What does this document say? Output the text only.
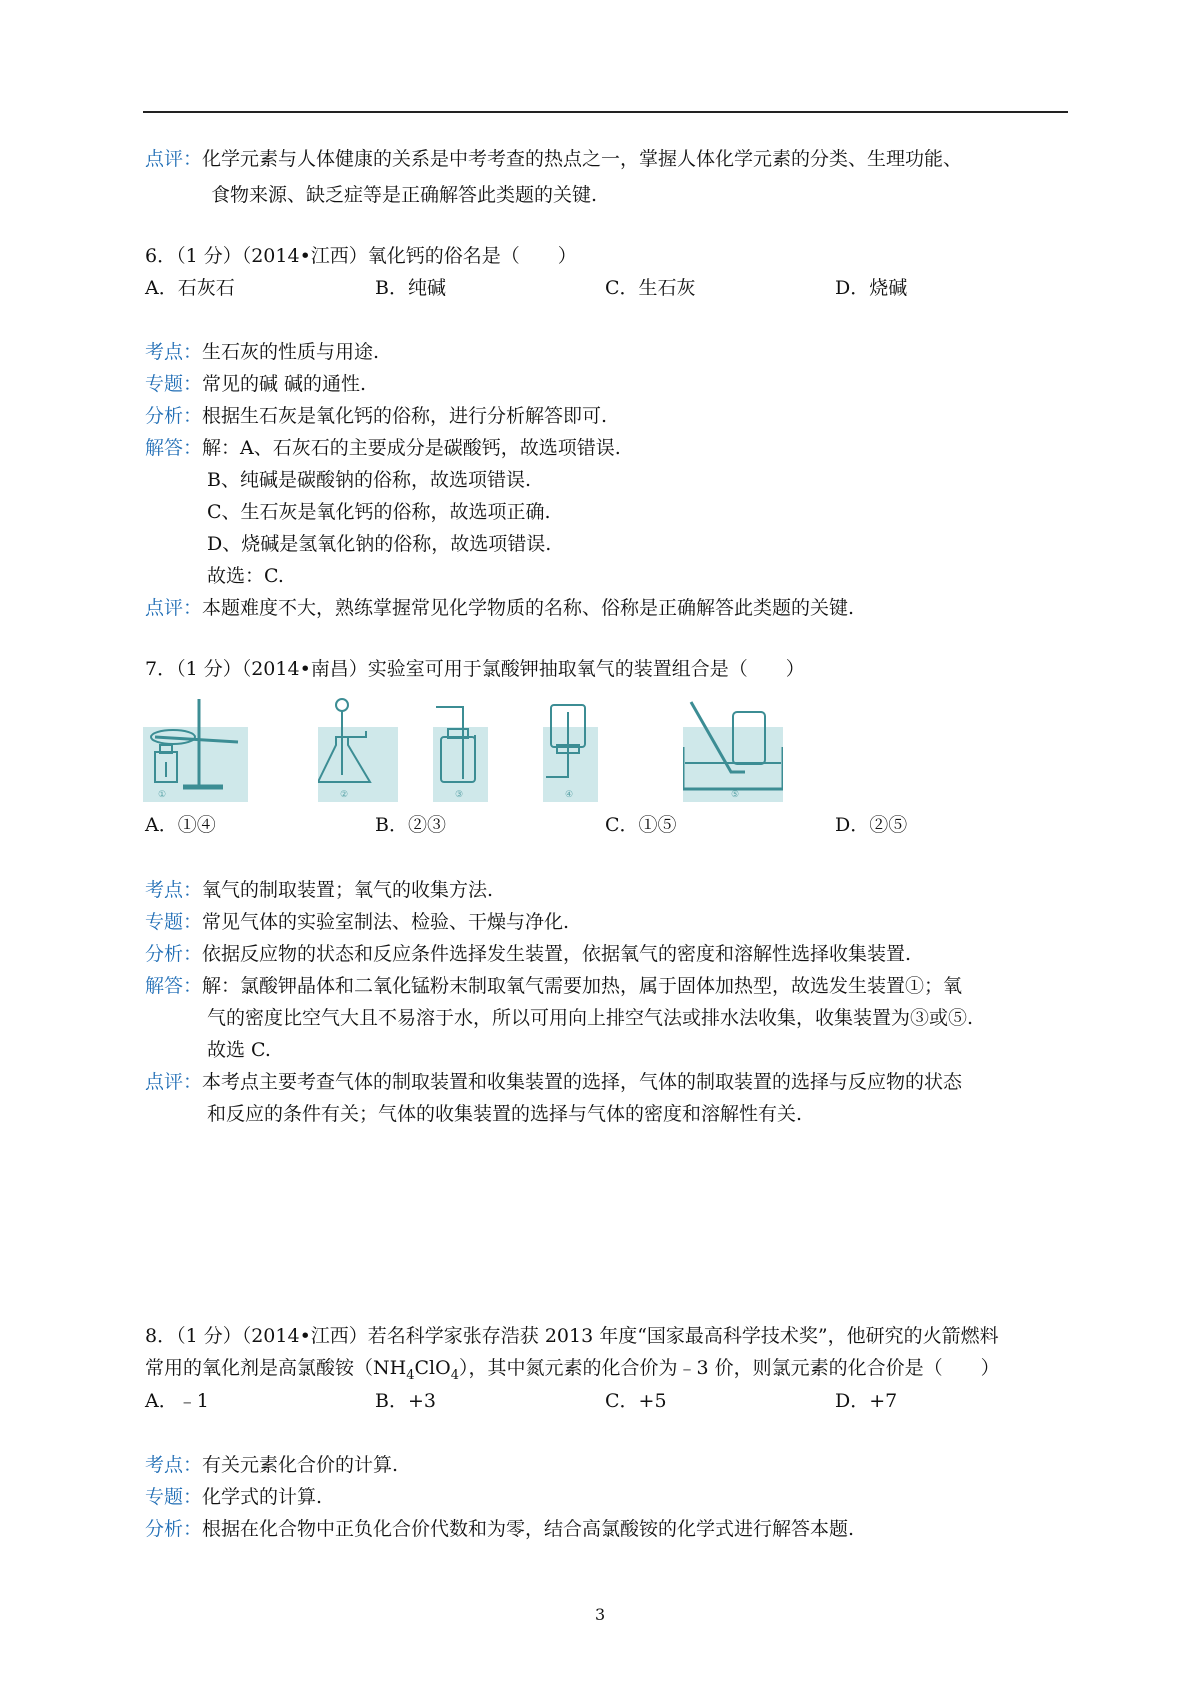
点评：化学元素与人体健康的关系是中考考查的热点之一，掌握人体化学元素的分类、生理功能、
食物来源、缺乏症等是正确解答此类题的关键.
6．（1 分）（2014•江西）氧化钙的俗名是（　　）
A．石灰石	B．纯碱	C．生石灰	D．烧碱
考点：生石灰的性质与用途.
专题：常见的碱 碱的通性.
分析：根据生石灰是氧化钙的俗称，进行分析解答即可.
解答：解：A、石灰石的主要成分是碳酸钙，故选项错误.
B、纯碱是碳酸钠的俗称，故选项错误.
C、生石灰是氧化钙的俗称，故选项正确.
D、烧碱是氢氧化钠的俗称，故选项错误.
故选：C.
点评：本题难度不大，熟练掌握常见化学物质的名称、俗称是正确解答此类题的关键.
7．（1 分）（2014•南昌）实验室可用于氯酸钾抽取氧气的装置组合是（　　）
①	②	③	④	⑤
A．①④	B．②③	C．①⑤	D．②⑤
考点：氧气的制取装置；氧气的收集方法.
专题：常见气体的实验室制法、检验、干燥与净化.
分析：依据反应物的状态和反应条件选择发生装置，依据氧气的密度和溶解性选择收集装置.
解答：解：氯酸钾晶体和二氧化锰粉末制取氧气需要加热，属于固体加热型，故选发生装置①；氧
气的密度比空气大且不易溶于水，所以可用向上排空气法或排水法收集，收集装置为③或⑤.
故选 C.
点评：本考点主要考查气体的制取装置和收集装置的选择，气体的制取装置的选择与反应物的状态
和反应的条件有关；气体的收集装置的选择与气体的密度和溶解性有关.
8．（1 分）（2014•江西）若名科学家张存浩获 2013 年度“国家最高科学技术奖”，他研究的火箭燃料
常用的氧化剂是高氯酸铵$(NH_4ClO_4)$，其中氮元素的化合价为﹣3 价，则氯元素的化合价是（　　）
A．﹣1	B．+3	C．+5	D．+7
考点：有关元素化合价的计算.
专题：化学式的计算.
分析：根据在化合物中正负化合价代数和为零，结合高氯酸铵的化学式进行解答本题.
3
